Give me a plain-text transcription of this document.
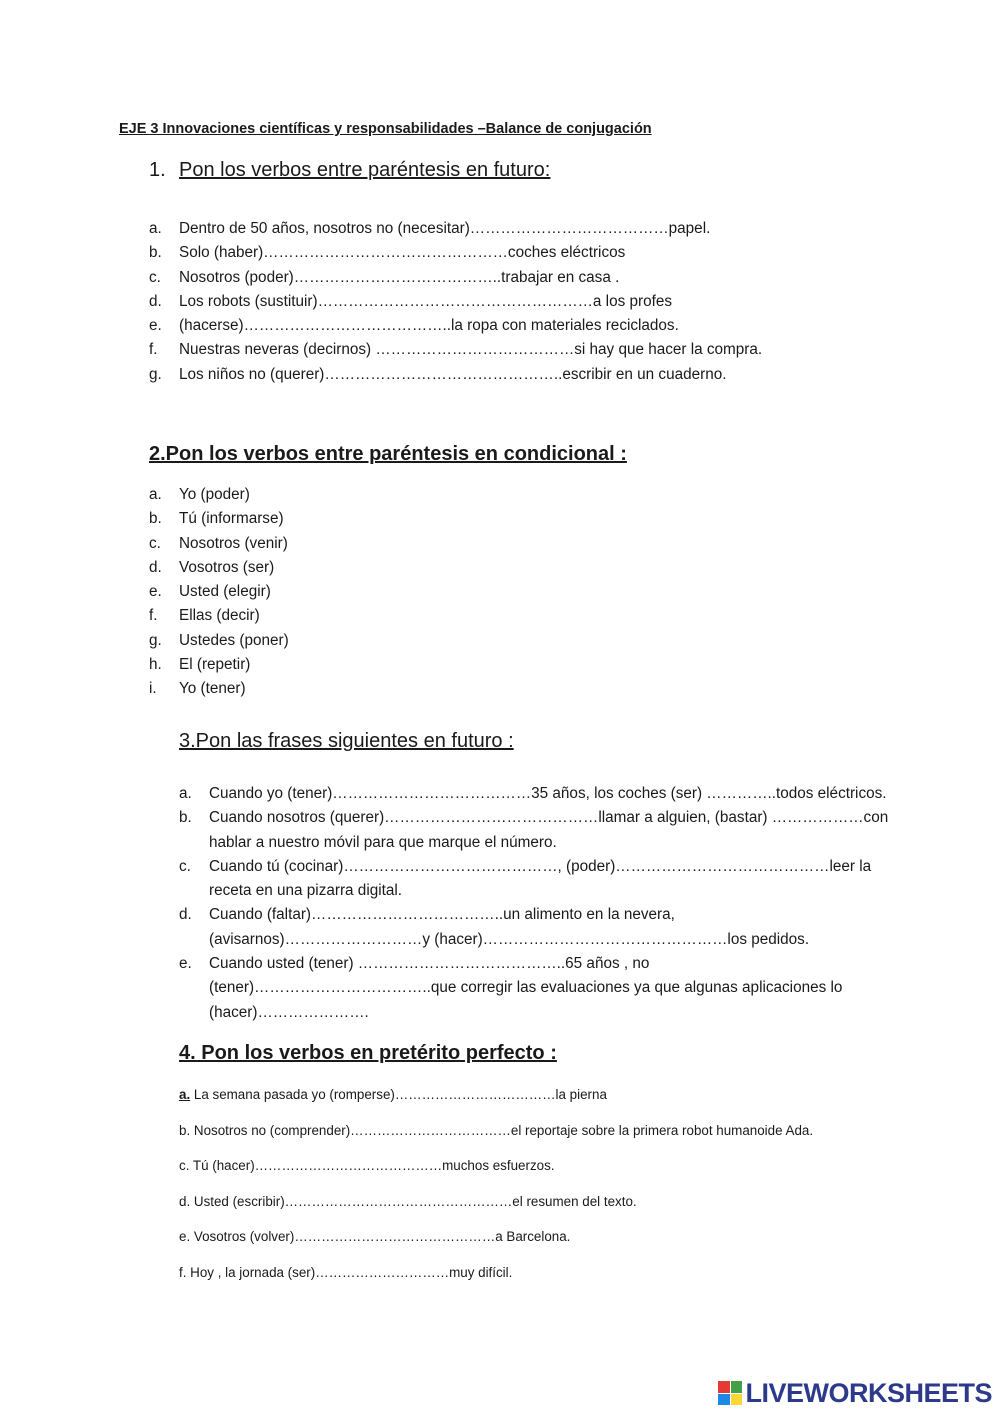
EJE 3 Innovaciones científicas y responsabilidades –Balance de conjugación
1. Pon los verbos entre paréntesis en futuro:
a. Dentro de 50 años, nosotros no (necesitar)…………………………………papel.
b. Solo (haber)…………………………………………coches eléctricos
c. Nosotros (poder)…………………………………..trabajar en casa .
d. Los robots (sustituir)………………………………………………a los profes
e. (hacerse)…………………………………..la ropa con materiales reciclados.
f. Nuestras neveras (decirnos) …………………………………si hay que hacer la compra.
g. Los niños no (querer)………………………………………..escribir en un cuaderno.
2.Pon los verbos entre paréntesis en condicional :
a. Yo (poder)
b. Tú (informarse)
c. Nosotros (venir)
d. Vosotros (ser)
e. Usted (elegir)
f. Ellas (decir)
g. Ustedes (poner)
h. El (repetir)
i. Yo (tener)
3.Pon las frases siguientes en futuro :
a. Cuando yo (tener)…………………………………35 años, los coches (ser) …………..todos eléctricos.
b. Cuando nosotros (querer)……………………………………llamar a alguien, (bastar) ………………con hablar a nuestro móvil para que marque el número.
c. Cuando tú (cocinar)……………………………………, (poder)……………………………………leer la receta en una pizarra digital.
d. Cuando (faltar)………………………………..un alimento en la nevera, (avisarnos)………………………y (hacer)…………………………………………los pedidos.
e. Cuando usted (tener) …………………………………..65 años , no (tener)……………………………..que corregir las evaluaciones ya que algunas aplicaciones lo (hacer)………………….
4. Pon los verbos en pretérito perfecto :
a. La semana pasada yo (romperse)………………………………la pierna
b. Nosotros no (comprender)………………………………el reportaje sobre la primera robot humanoide Ada.
c. Tú (hacer)……………………………………muchos esfuerzos.
d. Usted (escribir)……………………………………………el resumen del texto.
e. Vosotros (volver)………………………………………a Barcelona.
f. Hoy , la jornada (ser)…………………………muy difícil.
LIVEWORKSHEETS
